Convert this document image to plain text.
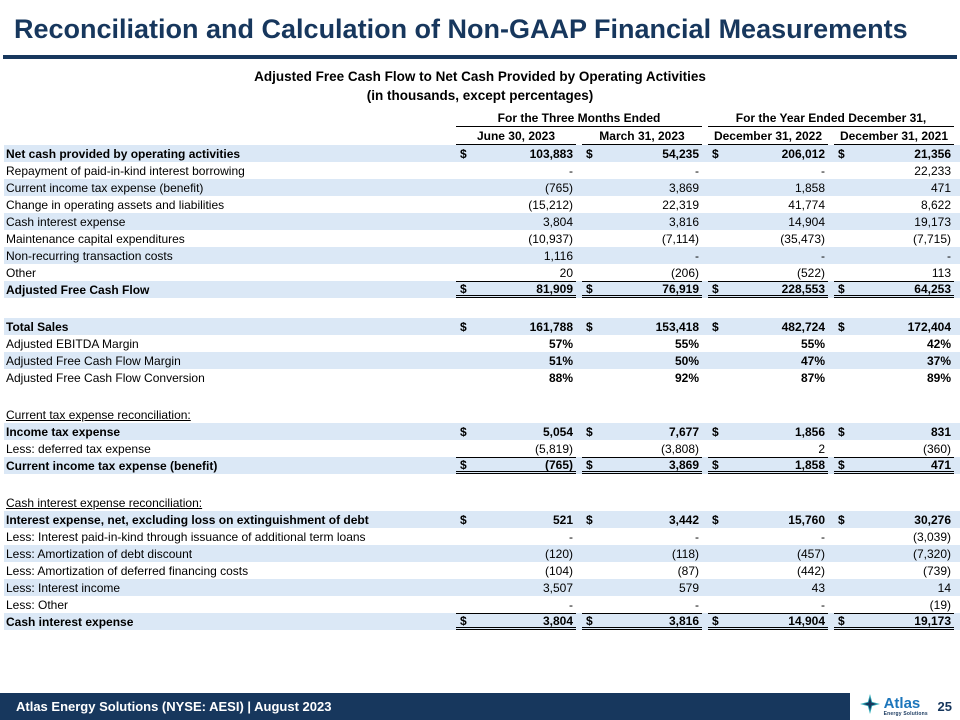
Reconciliation and Calculation of Non-GAAP Financial Measurements
Adjusted Free Cash Flow to Net Cash Provided by Operating Activities
(in thousands, except percentages)
For the Three Months Ended	For the Year Ended December 31,
June 30, 2023	March 31, 2023	December 31, 2022	December 31, 2021
Net cash provided by operating activities	$	103,883 $	54,235 $	206,012 $	21,356
Repayment of paid-in-kind interest borrowing	-	-	-	22,233
Current income tax expense (benefit)	(765)	3,869	1,858	471
Change in operating assets and liabilities	(15,212)	22,319	41,774	8,622
Cash interest expense	3,804	3,816	14,904	19,173
Maintenance capital expenditures	(10,937)	(7,114)	(35,473)	(7,715)
Non-recurring transaction costs	1,116	-	-	-
Other	20	(206)	(522)	113
Adjusted Free Cash Flow	$	81,909 $	76,919 $	228,553 $	64,253
Total Sales	$	161,788 $	153,418 $	482,724 $	172,404
Adjusted EBITDA Margin	57%	55%	55%	42%
Adjusted Free Cash Flow Margin	51%	50%	47%	37%
Adjusted Free Cash Flow Conversion	88%	92%	87%	89%
Current tax expense reconciliation:
Income tax expense	$	5,054 $	7,677 $	1,856 $	831
Less: deferred tax expense	(5,819)	(3,808)	2	(360)
Current income tax expense (benefit)	$	(765) $	3,869 $	1,858 $	471
Cash interest expense reconciliation:
Interest expense, net, excluding loss on extinguishment of debt	$	521 $	3,442 $	15,760 $	30,276
Less: Interest paid-in-kind through issuance of additional term loans	-	-	-	(3,039)
Less: Amortization of debt discount	(120)	(118)	(457)	(7,320)
Less: Amortization of deferred financing costs	(104)	(87)	(442)	(739)
Less: Interest income	3,507	579	43	14
Less: Other	-	-	-	(19)
Cash interest expense	$	3,804 $	3,816 $	14,904 $	19,173
Atlas Energy Solutions (NYSE: AESI) | August 2023	Atlas
Energy Solutions 25
